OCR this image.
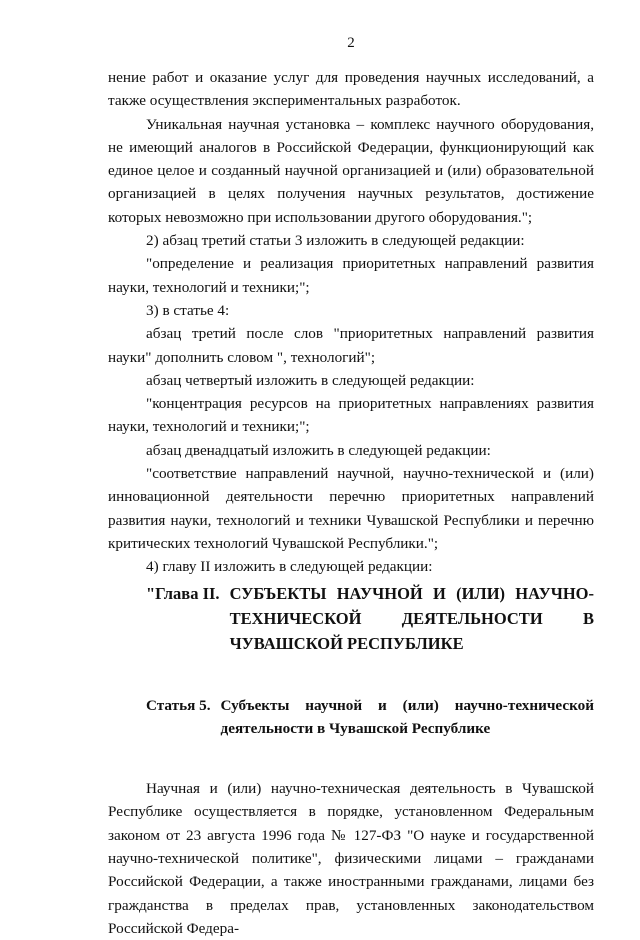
2

нение работ и оказание услуг для проведения научных исследований, а также осуществления экспериментальных разработок.

Уникальная научная установка – комплекс научного оборудования, не имеющий аналогов в Российской Федерации, функционирующий как единое целое и созданный научной организацией и (или) образовательной организацией в целях получения научных результатов, достижение которых невозможно при использовании другого оборудования.";

2) абзац третий статьи 3 изложить в следующей редакции:

"определение и реализация приоритетных направлений развития науки, технологий и техники;";

3) в статье 4:

абзац третий после слов "приоритетных направлений развития науки" дополнить словом ", технологий";

абзац четвертый изложить в следующей редакции:

"концентрация ресурсов на приоритетных направлениях развития науки, технологий и техники;";

абзац двенадцатый изложить в следующей редакции:

"соответствие направлений научной, научно-технической и (или) инновационной деятельности перечню приоритетных направлений развития науки, технологий и техники Чувашской Республики и перечню критических технологий Чувашской Республики.";

4) главу II изложить в следующей редакции:

"Глава II. СУБЪЕКТЫ НАУЧНОЙ И (ИЛИ) НАУЧНО-ТЕХНИЧЕСКОЙ ДЕЯТЕЛЬНОСТИ В ЧУВАШСКОЙ РЕСПУБЛИКЕ
Статья 5. Субъекты научной и (или) научно-технической деятельности в Чувашской Республике

Научная и (или) научно-техническая деятельность в Чувашской Республике осуществляется в порядке, установленном Федеральным законом от 23 августа 1996 года № 127-ФЗ "О науке и государственной научно-технической политике", физическими лицами – гражданами Российской Федерации, а также иностранными гражданами, лицами без гражданства в пределах прав, установленных законодательством Российской Федера-
